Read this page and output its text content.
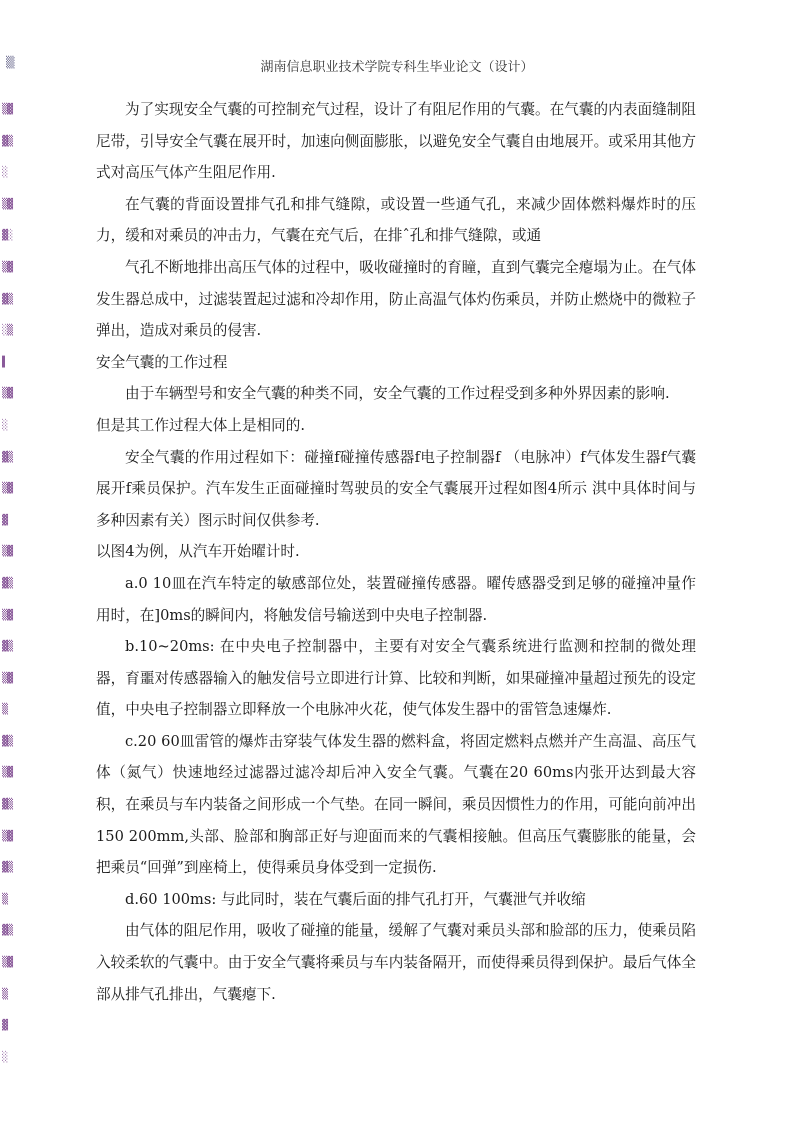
▒	湖南信息职业技术学院专科生毕业论文（设计）
▒▓
▓▒
░
▒▓
▓░
▒▓
▓▒
░▒
▌
▒▓
░
▓▒
▒▓
▓
▒▓
▓▒
▒▓
▓▒
▒▓
▒
▓▒
▒▓
▓▒
▒▓
▓▒
▒
▓▒
▒▓
▒
▓
░

为了实现安全气囊的可控制充气过程，设计了有阻尼作用的气囊。在气囊的内表面缝制阻尼带，引导安全气囊在展开时，加速向侧面膨胀，以避免安全气囊自由地展开。或采用其他方式对高压气体产生阻尼作用.

在气囊的背面设置排气孔和排气缝隙，或设置一些通气孔，来减少固体燃料爆炸时的压力，缓和对乘员的冲击力，气囊在充气后，在排ˆ孔和排气缝隙，或通

气孔不断地排出高压气体的过程中，吸收碰撞时的育瞳，直到气囊完全瘪塌为止。在气体发生器总成中，过滤装置起过滤和冷却作用，防止高温气体灼伤乘员，并防止燃烧中的微粒子弹出，造成对乘员的侵害.

安全气囊的工作过程

由于车辆型号和安全气囊的种类不同，安全气囊的工作过程受到多种外界因素的影响.

但是其工作过程大体上是相同的.

安全气囊的作用过程如下：碰撞f碰撞传感器f电子控制器f （电脉冲）f气体发生器f气囊展开f乘员保护。汽车发生正面碰撞时驾驶员的安全气囊展开过程如图4所示 淇中具体时间与多种因素有关）图示时间仅供参考.

以图4为例，从汽车开始曜计时.

a.0 10皿在汽车特定的敏感部位处，装置碰撞传感器。曜传感器受到足够的碰撞冲量作用时，在]0ms的瞬间内，将触发信号输送到中央电子控制器.

b.10~20ms: 在中央电子控制器中，主要有对安全气囊系统进行监测和控制的微处理器，育噩对传感器输入的触发信号立即进行计算、比较和判断，如果碰撞冲量超过预先的设定值，中央电子控制器立即释放一个电脉冲火花，使气体发生器中的雷管急速爆炸.

c.20 60皿雷管的爆炸击穿装气体发生器的燃料盒，将固定燃料点燃并产生高温、高压气体（氮气）快速地经过滤器过滤冷却后冲入安全气囊。气囊在20 60ms内张开达到最大容积，在乘员与车内装备之间形成一个气垫。在同一瞬间，乘员因惯性力的作用，可能向前冲出150 200mm,头部、脸部和胸部正好与迎面而来的气囊相接触。但高压气囊膨胀的能量，会把乘员“回弹”到座椅上，使得乘员身体受到一定损伤.

d.60 100ms: 与此同时，装在气囊后面的排气孔打开，气囊泄气并收缩

由气体的阻尼作用，吸收了碰撞的能量，缓解了气囊对乘员头部和脸部的压力，使乘员陷入较柔软的气囊中。由于安全气囊将乘员与车内装备隔开，而使得乘员得到保护。最后气体全部从排气孔排出，气囊瘪下.
